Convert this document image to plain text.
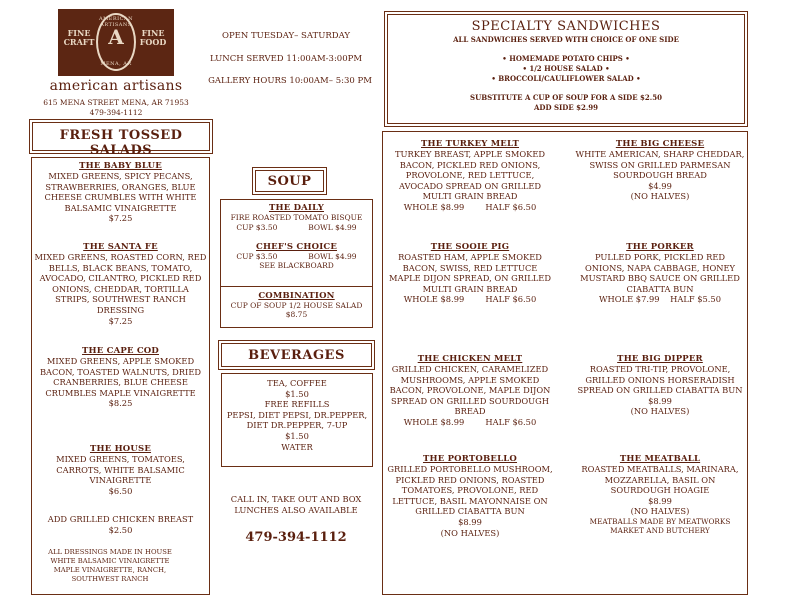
FINE CRAFT
FINE FOOD
AMERICAN ARTISANS
A
MENA, AR
american artisans
615 MENA STREET MENA, AR 71953
479-394-1112
OPEN TUESDAY– SATURDAY
LUNCH SERVED 11:00AM-3:00PM
GALLERY HOURS 10:00AM– 5:30 PM
FRESH TOSSED SALADS
THE BABY BLUE
MIXED GREENS, SPICY PECANS, STRAWBERRIES, ORANGES, BLUE CHEESE CRUMBLES WITH WHITE BALSAMIC VINAIGRETTE
$7.25
THE SANTA FE
MIXED GREENS, ROASTED CORN, RED BELLS, BLACK BEANS, TOMATO, AVOCADO, CILANTRO, PICKLED RED ONIONS, CHEDDAR, TORTILLA STRIPS, SOUTHWEST RANCH DRESSING
$7.25
THE CAPE COD
MIXED GREENS, APPLE SMOKED BACON, TOASTED WALNUTS, DRIED CRANBERRIES, BLUE CHEESE CRUMBLES MAPLE VINAIGRETTE
$8.25
THE HOUSE
MIXED GREENS, TOMATOES, CARROTS, WHITE BALSAMIC VINAIGRETTE
$6.50
ADD GRILLED CHICKEN BREAST
$2.50
ALL DRESSINGS MADE IN HOUSE WHITE BALSAMIC VINAIGRETTE MAPLE VINAIGRETTE, RANCH, SOUTHWEST RANCH
SOUP
THE DAILY
FIRE ROASTED TOMATO BISQUE
CUP $3.50	BOWL $4.99
CHEF'S CHOICE
CUP $3.50	BOWL $4.99
SEE BLACKBOARD
COMBINATION
CUP OF SOUP 1/2 HOUSE SALAD
$8.75
BEVERAGES
TEA, COFFEE
$1.50
FREE REFILLS
PEPSI, DIET PEPSI, DR.PEPPER, DIET DR.PEPPER, 7-UP
$1.50
WATER
CALL IN, TAKE OUT AND BOX LUNCHES ALSO AVAILABLE
479-394-1112
SPECIALTY SANDWICHES
ALL SANDWICHES SERVED WITH CHOICE OF ONE SIDE
• HOMEMADE POTATO CHIPS •
• 1/2 HOUSE SALAD •
• BROCCOLI/CAULIFLOWER SALAD •
SUBSTITUTE A CUP OF SOUP FOR A SIDE $2.50
ADD SIDE $2.99
THE TURKEY MELT
TURKEY BREAST, APPLE SMOKED BACON, PICKLED RED ONIONS, PROVOLONE, RED LETTUCE, AVOCADO SPREAD ON GRILLED MULTI GRAIN BREAD
WHOLE $8.99        HALF $6.50
THE SOOIE PIG
ROASTED HAM, APPLE SMOKED BACON, SWISS, RED LETTUCE MAPLE DIJON SPREAD, ON GRILLED MULTI GRAIN BREAD
WHOLE $8.99        HALF $6.50
THE CHICKEN MELT
GRILLED CHICKEN, CARAMELIZED MUSHROOMS, APPLE SMOKED BACON, PROVOLONE, MAPLE DIJON SPREAD ON GRILLED SOURDOUGH BREAD
WHOLE $8.99        HALF $6.50
THE PORTOBELLO
GRILLED PORTOBELLO MUSHROOM, PICKLED RED ONIONS, ROASTED TOMATOES, PROVOLONE, RED LETTUCE, BASIL MAYONNAISE ON GRILLED CIABATTA BUN
$8.99
(NO HALVES)
THE BIG CHEESE
WHITE AMERICAN, SHARP CHEDDAR, SWISS ON GRILLED PARMESAN SOURDOUGH BREAD
$4.99
(NO HALVES)
THE PORKER
PULLED PORK, PICKLED RED ONIONS, NAPA CABBAGE, HONEY MUSTARD BBQ SAUCE ON GRILLED CIABATTA BUN
WHOLE $7.99    HALF $5.50
THE BIG DIPPER
ROASTED TRI-TIP, PROVOLONE, GRILLED ONIONS HORSERADISH SPREAD ON GRILLED CIABATTA BUN
$8.99
(NO HALVES)
THE MEATBALL
ROASTED MEATBALLS, MARINARA, MOZZARELLA, BASIL ON SOURDOUGH HOAGIE
$8.99
(NO HALVES)
MEATBALLS MADE BY MEATWORKS MARKET AND BUTCHERY
